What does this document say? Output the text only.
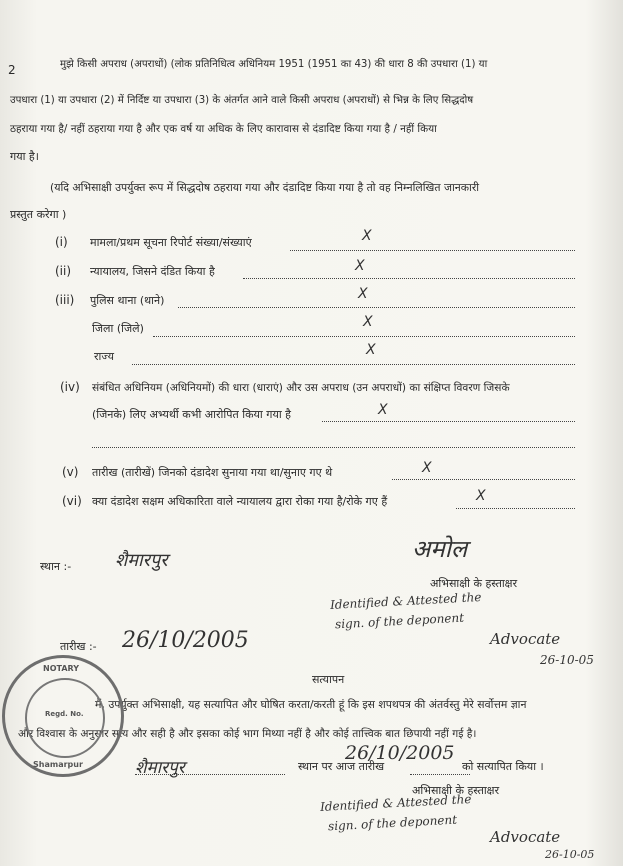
2	मुझे किसी अपराध (अपराधों) (लोक प्रतिनिधित्व अधिनियम 1951 (1951 का 43) की धारा 8 की उपधारा (1) या
उपधारा (1) या उपधारा (2) में निर्दिष्ट या उपधारा (3) के अंतर्गत आने वाले किसी अपराध (अपराधों) से भिन्न के लिए सिद्धदोष
ठहराया गया है/ नहीं ठहराया गया है और एक वर्ष या अधिक के लिए कारावास से दंडादिष्ट किया गया है / नहीं किया
गया है।
(यदि अभिसाक्षी उपर्युक्त रूप में सिद्धदोष ठहराया गया और दंडादिष्ट किया गया है तो वह निम्नलिखित जानकारी
प्रस्तुत करेगा )
(i) मामला/प्रथम सूचना रिपोर्ट संख्या/संख्याएं	X
(ii) न्यायालय, जिसने दंडित किया है	X
(iii) पुलिस थाना (थाने)	X
जिला (जिले)	X
राज्य	X
(iv) संबंधित अधिनियम (अधिनियमों) की धारा (धाराएं) और उस अपराध (उन अपराधों) का संक्षिप्त विवरण जिसके
(जिनके) लिए अभ्यर्थी कभी आरोपित किया गया है	X
(v) तारीख (तारीखें) जिनको दंडादेश सुनाया गया था/सुनाए गए थे	X
(vi) क्या दंडादेश सक्षम अधिकारिता वाले न्यायालय द्वारा रोका गया है/रोके गए हैं	X
स्थान :- शैमारपुर	अमोल
अभिसाक्षी के हस्ताक्षर
Identified & Attested the
sign. of the deponent
Advocate
26-10-05
तारीख :- 26/10/2005
सत्यापन
मैं, उपर्युक्त अभिसाक्षी, यह सत्यापित और घोषित करता/करती हूं कि इस शपथपत्र की अंतर्वस्तु मेरे सर्वोत्तम ज्ञान
और विश्वास के अनुसार सत्य और सही है और इसका कोई भाग मिथ्या नहीं है और कोई तात्त्विक बात छिपायी नहीं गई है।
शैमारपुर	स्थान पर आज तारीख
26/10/2005
को सत्यापित किया ।
अभिसाक्षी के हस्ताक्षर
Identified & Attested the
sign. of the deponent
Advocate
26-10-05
NOTARY
Shamarpur
Regd. No.
